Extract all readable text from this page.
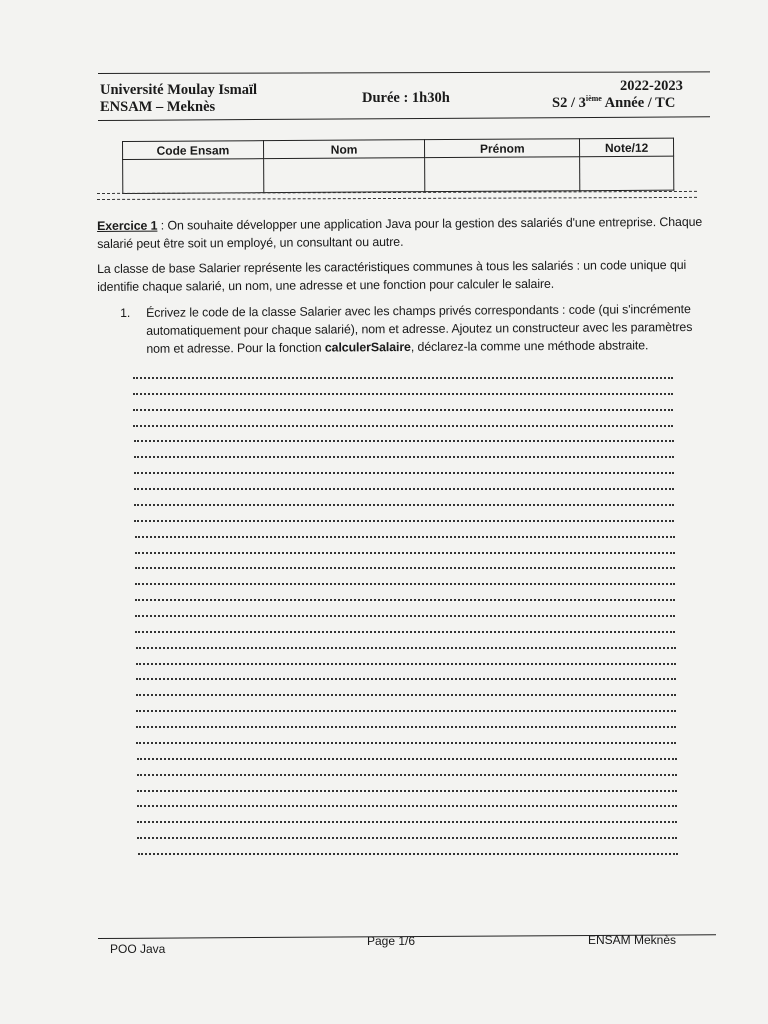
Université Moulay Ismaïl
ENSAM – Meknès
Durée : 1h30h
2022-2023
S2 / 3ième Année / TC
Code Ensam	Nom	Prénom	Note/12

Exercice 1 : On souhaite développer une application Java pour la gestion des salariés d'une entreprise. Chaque salarié peut être soit un employé, un consultant ou autre.
La classe de base Salarier représente les caractéristiques communes à tous les salariés : un code unique qui identifie chaque salarié, un nom, une adresse et une fonction pour calculer le salaire.
1. Écrivez le code de la classe Salarier avec les champs privés correspondants : code (qui s'incrémente automatiquement pour chaque salarié), nom et adresse. Ajoutez un constructeur avec les paramètres nom et adresse. Pour la fonction calculerSalaire, déclarez-la comme une méthode abstraite.
POO Java
Page 1/6	ENSAM Meknès
